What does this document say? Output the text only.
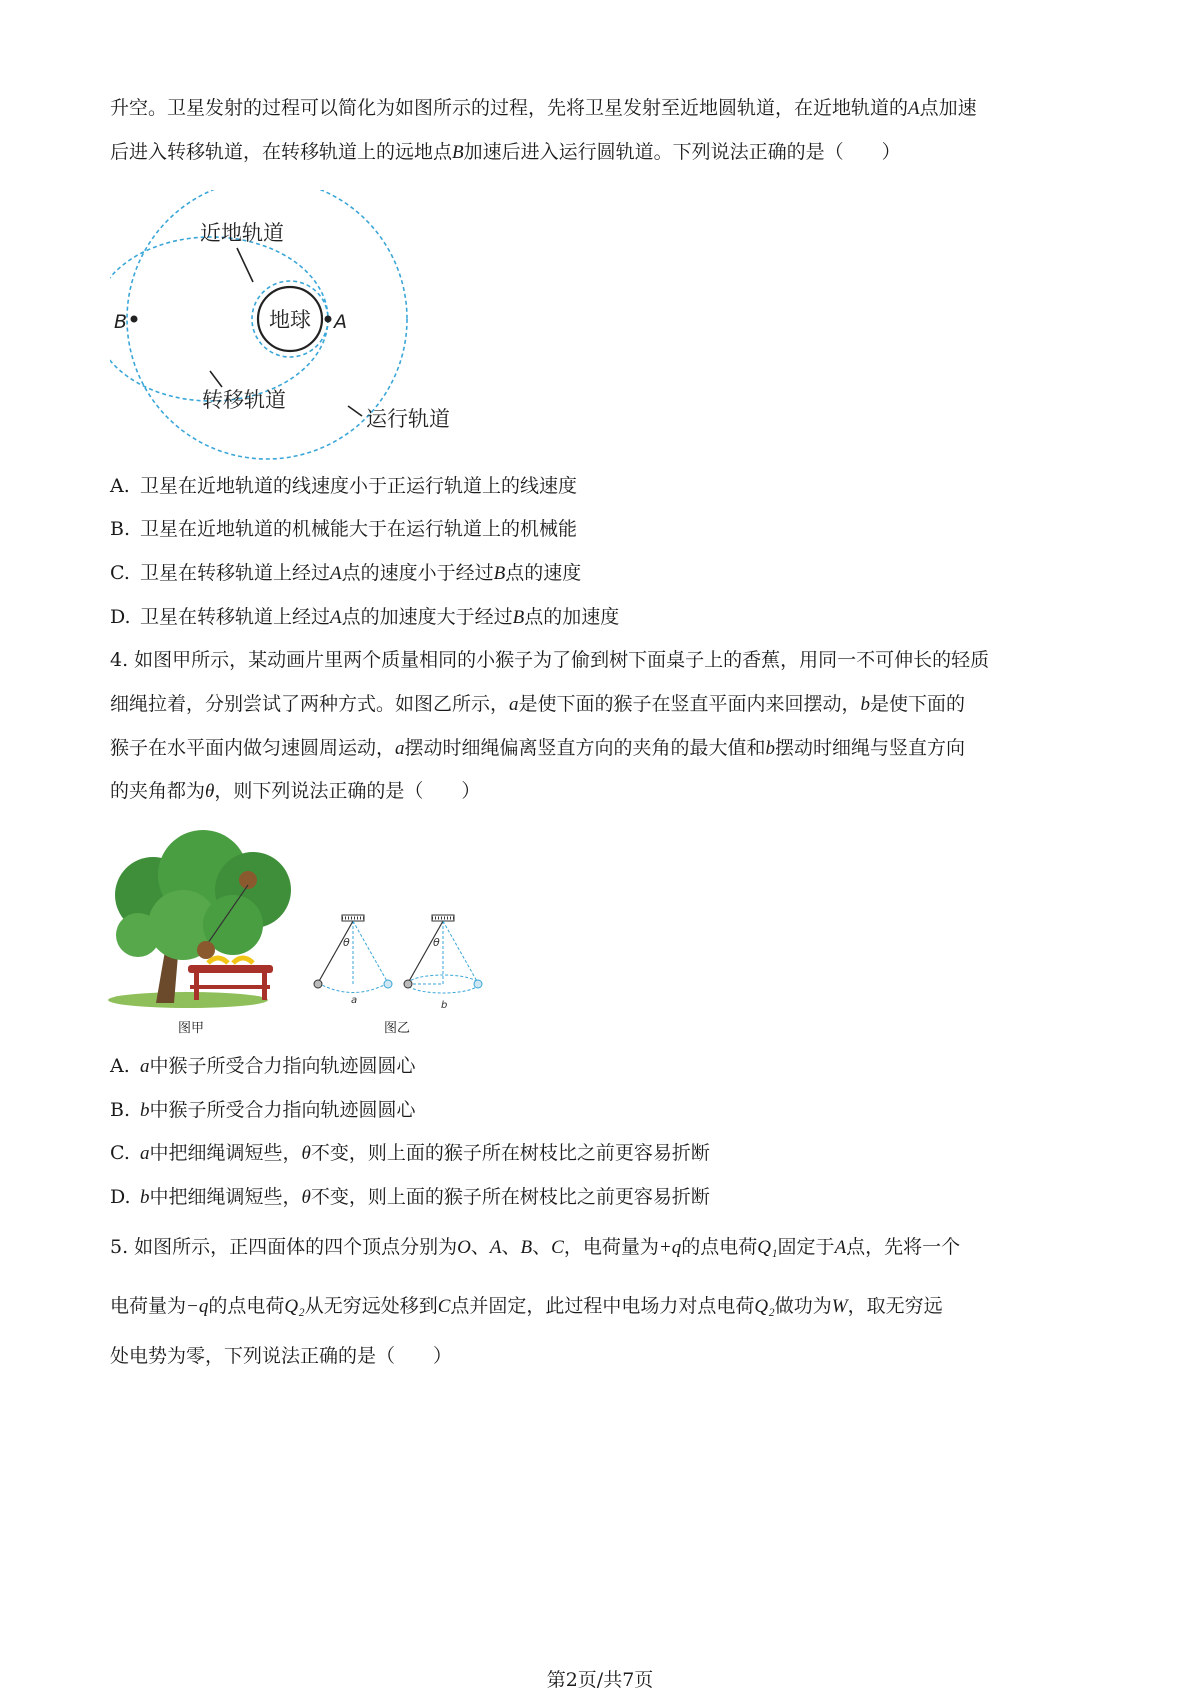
升空。卫星发射的过程可以简化为如图所示的过程，先将卫星发射至近地圆轨道，在近地轨道的A点加速
后进入转移轨道，在转移轨道上的远地点B加速后进入运行圆轨道。下列说法正确的是（　　）
地球 A
B
近地轨道
转移轨道
运行轨道
A. 卫星在近地轨道的线速度小于正运行轨道上的线速度
B. 卫星在近地轨道的机械能大于在运行轨道上的机械能
C. 卫星在转移轨道上经过A点的速度小于经过B点的速度
D. 卫星在转移轨道上经过A点的加速度大于经过B点的加速度
4. 如图甲所示，某动画片里两个质量相同的小猴子为了偷到树下面桌子上的香蕉，用同一不可伸长的轻质
细绳拉着，分别尝试了两种方式。如图乙所示，a是使下面的猴子在竖直平面内来回摆动，b是使下面的
猴子在水平面内做匀速圆周运动，a摆动时细绳偏离竖直方向的夹角的最大值和b摆动时细绳与竖直方向
的夹角都为θ，则下列说法正确的是（　　）
图甲
θ
a
θ
b
图乙
A. a中猴子所受合力指向轨迹圆圆心
B. b中猴子所受合力指向轨迹圆圆心
C. a中把细绳调短些，θ不变，则上面的猴子所在树枝比之前更容易折断
D. b中把细绳调短些，θ不变，则上面的猴子所在树枝比之前更容易折断
5. 如图所示，正四面体的四个顶点分别为O、A、B、C，电荷量为+q的点电荷Q₁固定于A点，先将一个
电荷量为−q的点电荷Q₂从无穷远处移到C点并固定，此过程中电场力对点电荷Q₂做功为W，取无穷远
处电势为零，下列说法正确的是（　　）
第2页/共7页
